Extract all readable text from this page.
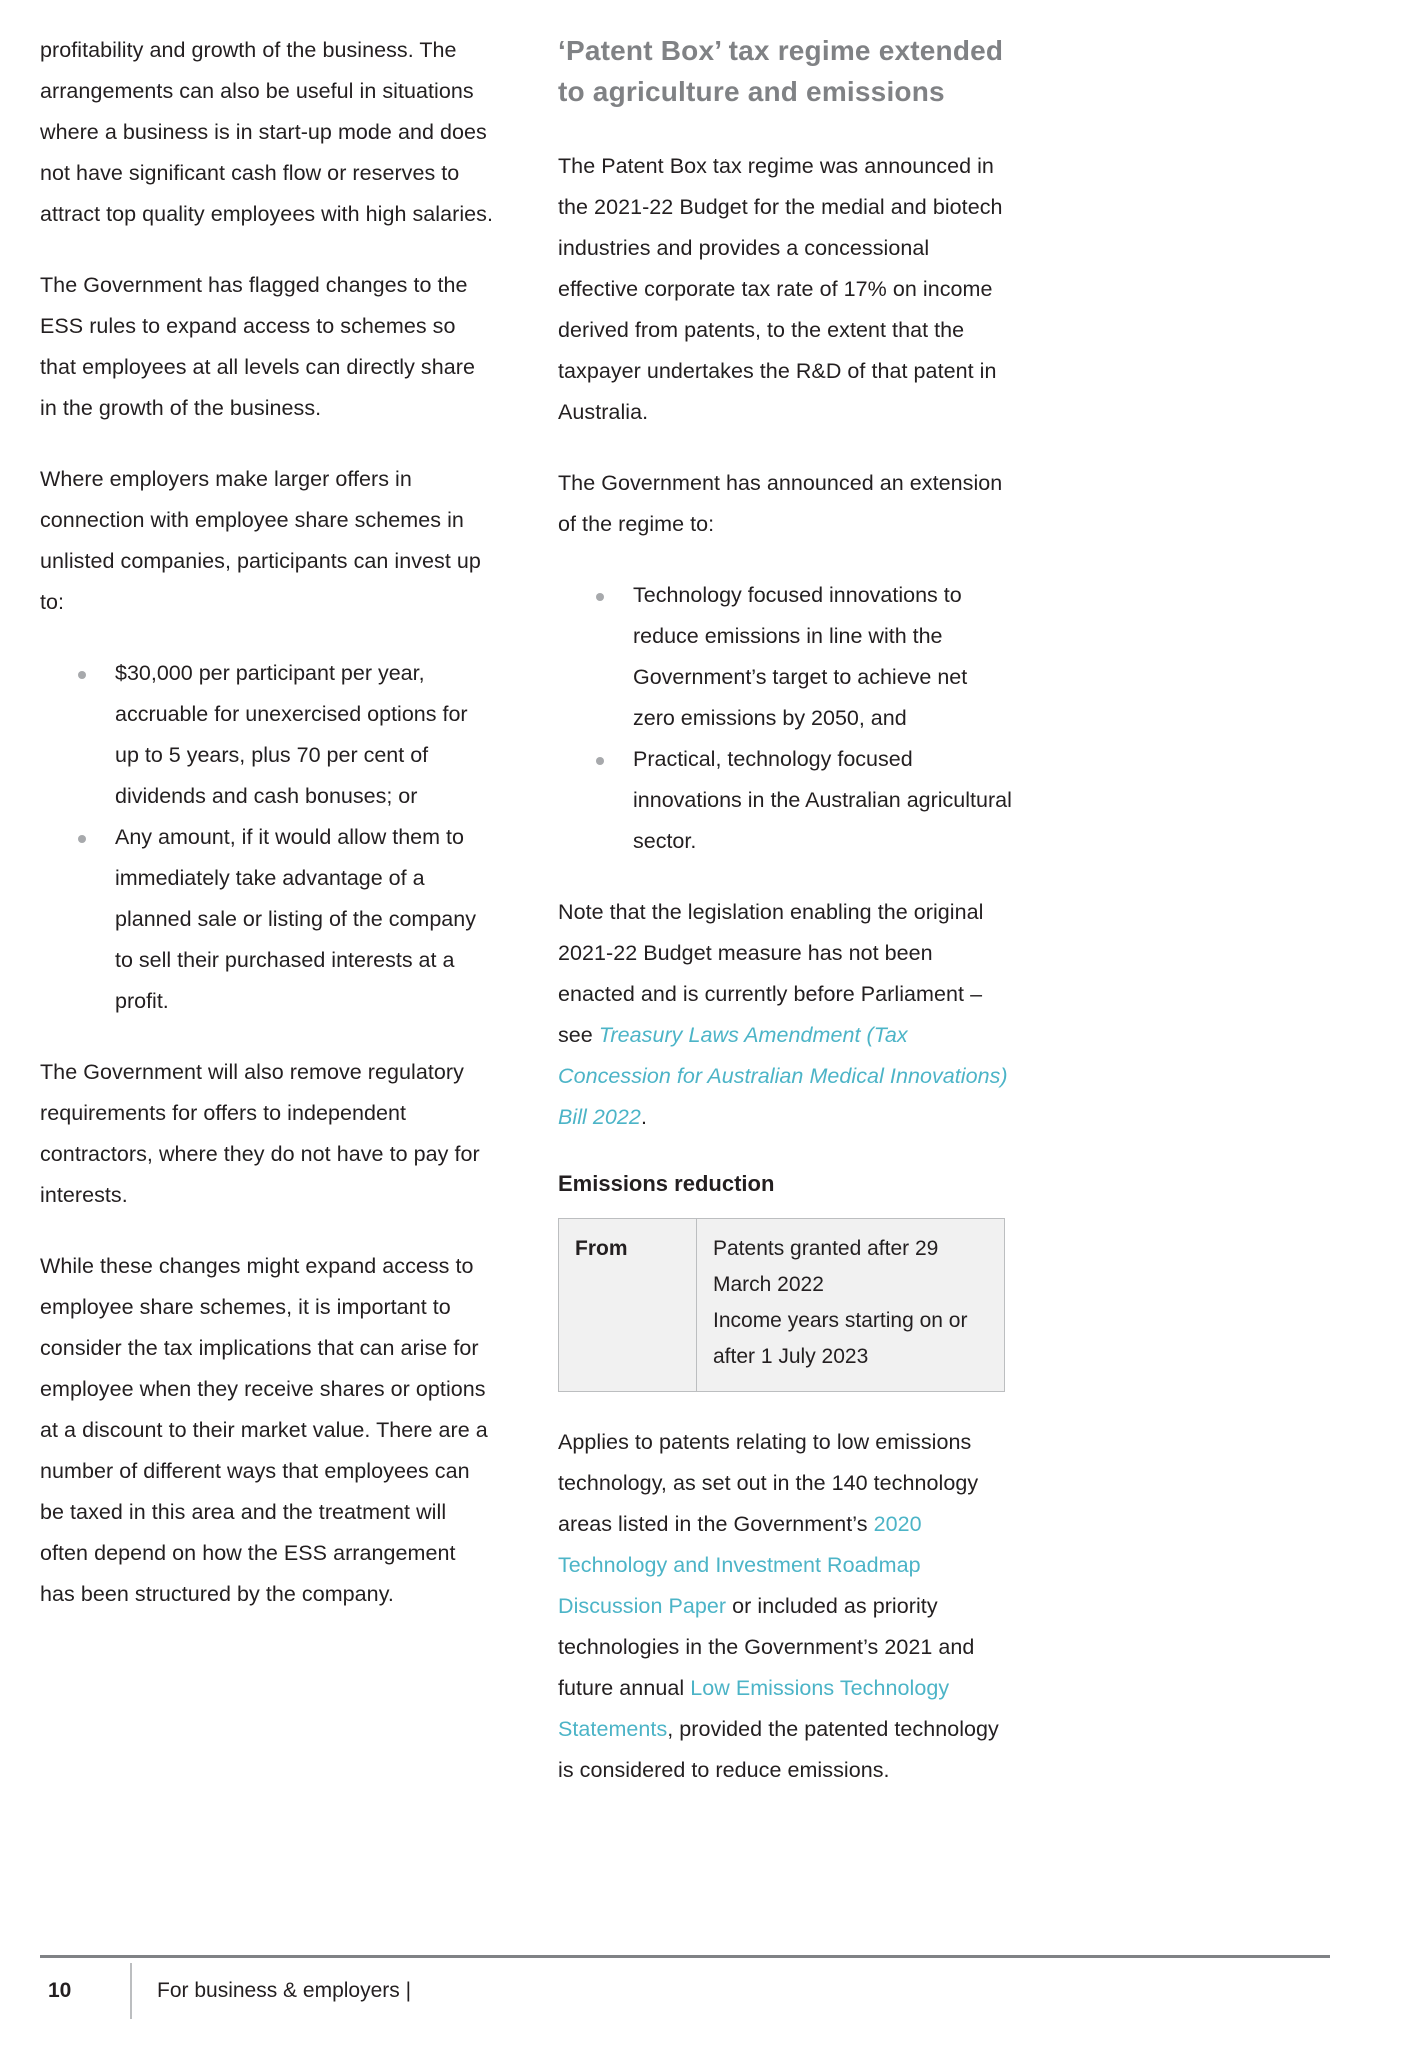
profitability and growth of the business. The arrangements can also be useful in situations where a business is in start-up mode and does not have significant cash flow or reserves to attract top quality employees with high salaries.

The Government has flagged changes to the ESS rules to expand access to schemes so that employees at all levels can directly share in the growth of the business.

Where employers make larger offers in connection with employee share schemes in unlisted companies, participants can invest up to:

$30,000 per participant per year, accruable for unexercised options for up to 5 years, plus 70 per cent of dividends and cash bonuses; or
Any amount, if it would allow them to immediately take advantage of a planned sale or listing of the company to sell their purchased interests at a profit.

The Government will also remove regulatory requirements for offers to independent contractors, where they do not have to pay for interests.

While these changes might expand access to employee share schemes, it is important to consider the tax implications that can arise for employee when they receive shares or options at a discount to their market value. There are a number of different ways that employees can be taxed in this area and the treatment will often depend on how the ESS arrangement has been structured by the company.

‘Patent Box’ tax regime extended to agriculture and emissions

The Patent Box tax regime was announced in the 2021-22 Budget for the medial and biotech industries and provides a concessional effective corporate tax rate of 17% on income derived from patents, to the extent that the taxpayer undertakes the R&D of that patent in Australia.

The Government has announced an extension of the regime to:

Technology focused innovations to reduce emissions in line with the Government’s target to achieve net zero emissions by 2050, and
Practical, technology focused innovations in the Australian agricultural sector.

Note that the legislation enabling the original 2021-22 Budget measure has not been enacted and is currently before Parliament – see Treasury Laws Amendment (Tax Concession for Australian Medical Innovations) Bill 2022.

Emissions reduction
From	Patents granted after 29 March 2022
Income years starting on or after 1 July 2023

Applies to patents relating to low emissions technology, as set out in the 140 technology areas listed in the Government’s 2020 Technology and Investment Roadmap Discussion Paper or included as priority technologies in the Government’s 2021 and future annual Low Emissions Technology Statements, provided the patented technology is considered to reduce emissions.

10	For business & employers |
